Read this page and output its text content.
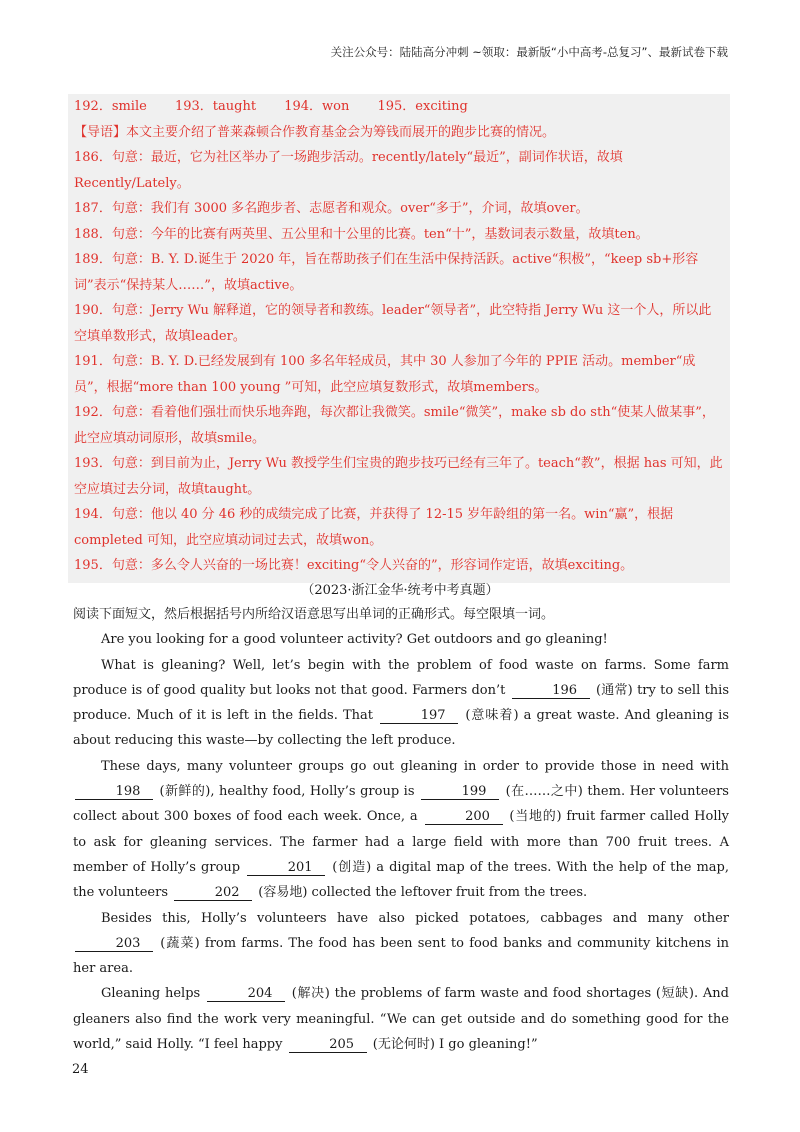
关注公众号：陆陆高分冲刺 ~领取：最新版“小中高考-总复习”、最新试卷下载

192．smile 193．taught 194．won 195．exciting

【导语】本文主要介绍了普莱森顿合作教育基金会为筹钱而展开的跑步比赛的情况。

186．句意：最近，它为社区举办了一场跑步活动。recently/lately“最近”，副词作状语，故填Recently/Lately。

187．句意：我们有 3000 多名跑步者、志愿者和观众。over“多于”，介词，故填over。

188．句意：今年的比赛有两英里、五公里和十公里的比赛。ten“十”，基数词表示数量，故填ten。

189．句意：B. Y. D.诞生于 2020 年，旨在帮助孩子们在生活中保持活跃。active“积极”，“keep sb+形容词”表示“保持某人……”，故填active。

190．句意：Jerry Wu 解释道，它的领导者和教练。leader“领导者”，此空特指 Jerry Wu 这一个人，所以此空填单数形式，故填leader。

191．句意：B. Y. D.已经发展到有 100 多名年轻成员，其中 30 人参加了今年的 PPIE 活动。member“成员”，根据“more than 100 young ”可知，此空应填复数形式，故填members。

192．句意：看着他们强壮而快乐地奔跑，每次都让我微笑。smile“微笑”，make sb do sth“使某人做某事”，此空应填动词原形，故填smile。

193．句意：到目前为止，Jerry Wu 教授学生们宝贵的跑步技巧已经有三年了。teach“教”，根据 has 可知，此空应填过去分词，故填taught。

194．句意：他以 40 分 46 秒的成绩完成了比赛，并获得了 12-15 岁年龄组的第一名。win“赢”，根据completed 可知，此空应填动词过去式，故填won。

195．句意：多么令人兴奋的一场比赛！exciting“令人兴奋的”，形容词作定语，故填exciting。

（2023·浙江金华·统考中考真题）

阅读下面短文，然后根据括号内所给汉语意思写出单词的正确形式。每空限填一词。

Are you looking for a good volunteer activity? Get outdoors and go gleaning!

What is gleaning? Well, let’s begin with the problem of food waste on farms. Some farm produce is of good quality but looks not that good. Farmers don’t	196 (通常) try to sell this produce. Much of it is left in the fields. That	197 (意味着) a great waste. And gleaning is about reducing this waste—by collecting the left produce.

These days, many volunteer groups go out gleaning in order to provide those in need with 198 (新鲜的), healthy food, Holly’s group is	199 (在……之中) them. Her volunteers collect about 300 boxes of food each week. Once, a	200 (当地的) fruit farmer called Holly to ask for gleaning services. The farmer had a large field with more than 700 fruit trees. A member of Holly’s group	201 (创造) a digital map of the trees. With the help of the map, the volunteers	202 (容易地) collected the leftover fruit from the trees.

Besides this, Holly’s volunteers have also picked potatoes, cabbages and many other 203 (蔬菜) from farms. The food has been sent to food banks and community kitchens in her area.

Gleaning helps	204 (解决) the problems of farm waste and food shortages (短缺). And gleaners also find the work very meaningful. “We can get outside and do something good for the world,” said Holly. “I feel happy	205 (无论何时) I go gleaning!”

24
